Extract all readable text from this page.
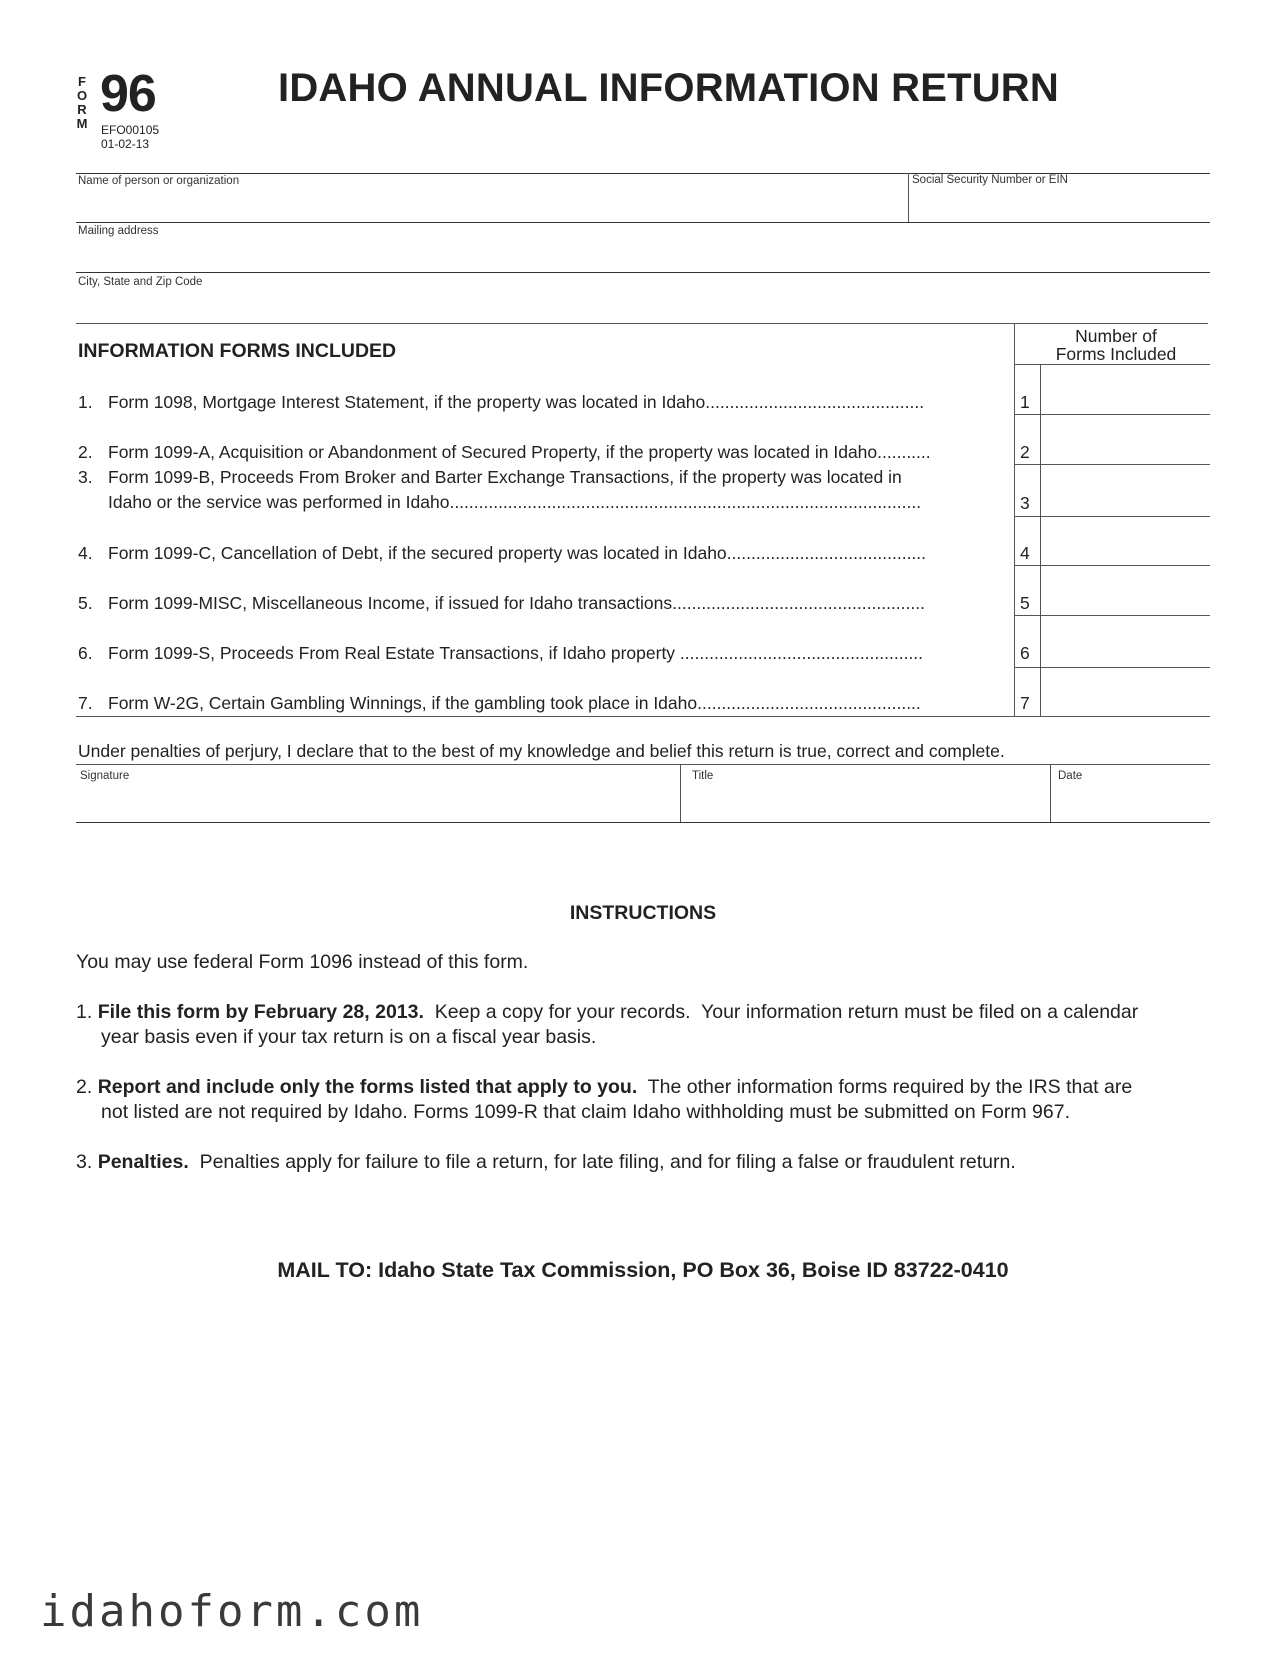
F
O
R
M
96
EFO00105
01-02-13
IDAHO ANNUAL INFORMATION RETURN
Name of person or organization	Social Security Number or EIN
Mailing address
City, State and Zip Code
INFORMATION FORMS INCLUDED
Number of
Forms Included
1. Form 1098, Mortgage Interest Statement, if the property was located in Idaho.............................................	1
2. Form 1099-A, Acquisition or Abandonment of Secured Property, if the property was located in Idaho...........	2
3. Form 1099-B, Proceeds From Broker and Barter Exchange Transactions, if the property was located in
Idaho or the service was performed in Idaho.................................................................................................	3
4. Form 1099-C, Cancellation of Debt, if the secured property was located in Idaho.........................................	4
5. Form 1099-MISC, Miscellaneous Income, if issued for Idaho transactions....................................................	5
6. Form 1099-S, Proceeds From Real Estate Transactions, if Idaho property ..................................................	6
7. Form W-2G, Certain Gambling Winnings, if the gambling took place in Idaho..............................................	7
Under penalties of perjury, I declare that to the best of my knowledge and belief this return is true, correct and complete.
Signature	Title	Date
INSTRUCTIONS
You may use federal Form 1096 instead of this form.
1. File this form by February 28, 2013.  Keep a copy for your records.  Your information return must be filed on a calendar
year basis even if your tax return is on a fiscal year basis.
2. Report and include only the forms listed that apply to you.  The other information forms required by the IRS that are
not listed are not required by Idaho. Forms 1099-R that claim Idaho withholding must be submitted on Form 967.
3. Penalties.  Penalties apply for failure to file a return, for late filing, and for filing a false or fraudulent return.
MAIL TO: Idaho State Tax Commission, PO Box 36, Boise ID 83722-0410
idahoform.com
